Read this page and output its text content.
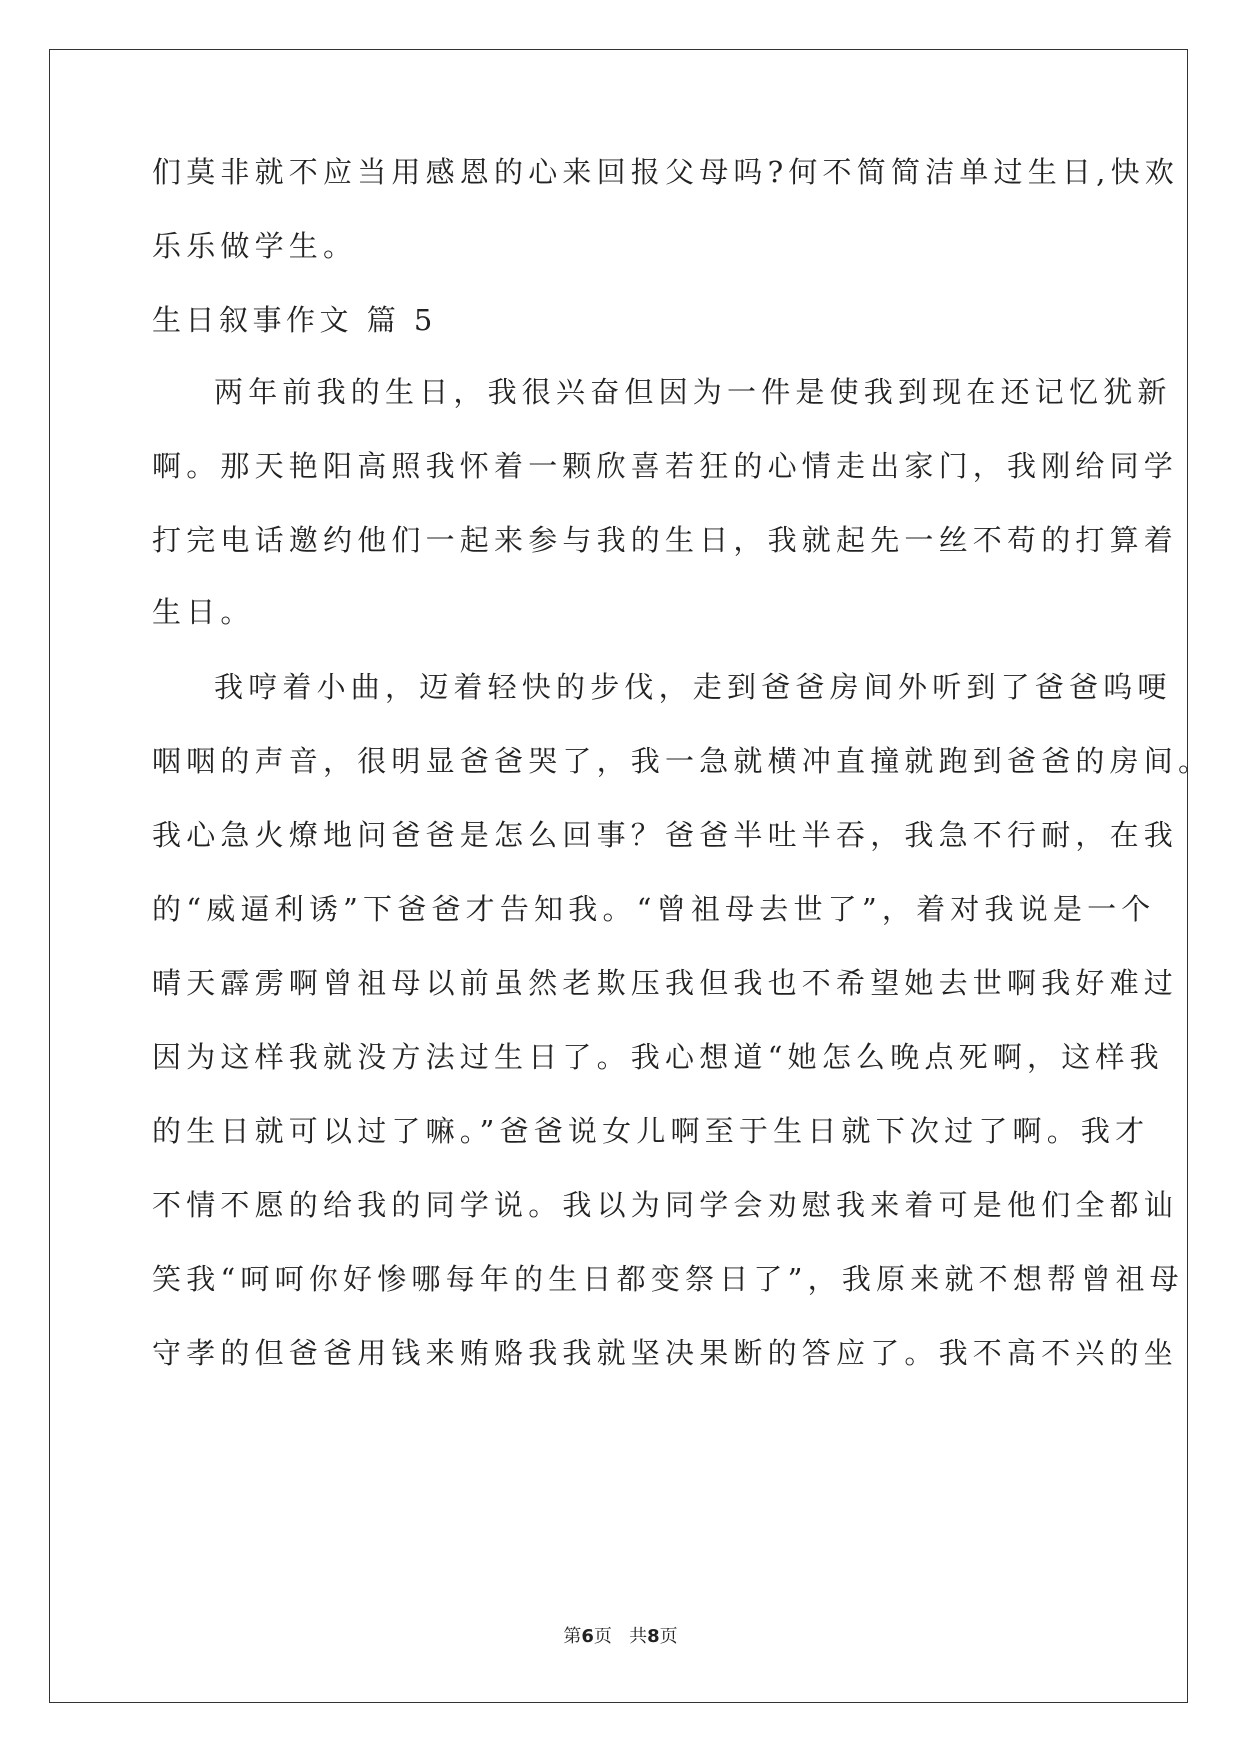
们莫非就不应当用感恩的心来回报父母吗?何不简简洁单过生日,快欢
乐乐做学生。
生日叙事作文 篇 5
两年前我的生日，我很兴奋但因为一件是使我到现在还记忆犹新
啊。那天艳阳高照我怀着一颗欣喜若狂的心情走出家门，我刚给同学
打完电话邀约他们一起来参与我的生日，我就起先一丝不苟的打算着
生日。
我哼着小曲，迈着轻快的步伐，走到爸爸房间外听到了爸爸呜哽
咽咽的声音，很明显爸爸哭了，我一急就横冲直撞就跑到爸爸的房间。
我心急火燎地问爸爸是怎么回事？爸爸半吐半吞，我急不行耐，在我
的“威逼利诱”下爸爸才告知我。“曾祖母去世了”，着对我说是一个
晴天霹雳啊曾祖母以前虽然老欺压我但我也不希望她去世啊我好难过
因为这样我就没方法过生日了。我心想道“她怎么晚点死啊，这样我
的生日就可以过了嘛。”爸爸说女儿啊至于生日就下次过了啊。我才
不情不愿的给我的同学说。我以为同学会劝慰我来着可是他们全都讪
笑我“呵呵你好惨哪每年的生日都变祭日了”，我原来就不想帮曾祖母
守孝的但爸爸用钱来贿赂我我就坚决果断的答应了。我不高不兴的坐
第6页   共8页
